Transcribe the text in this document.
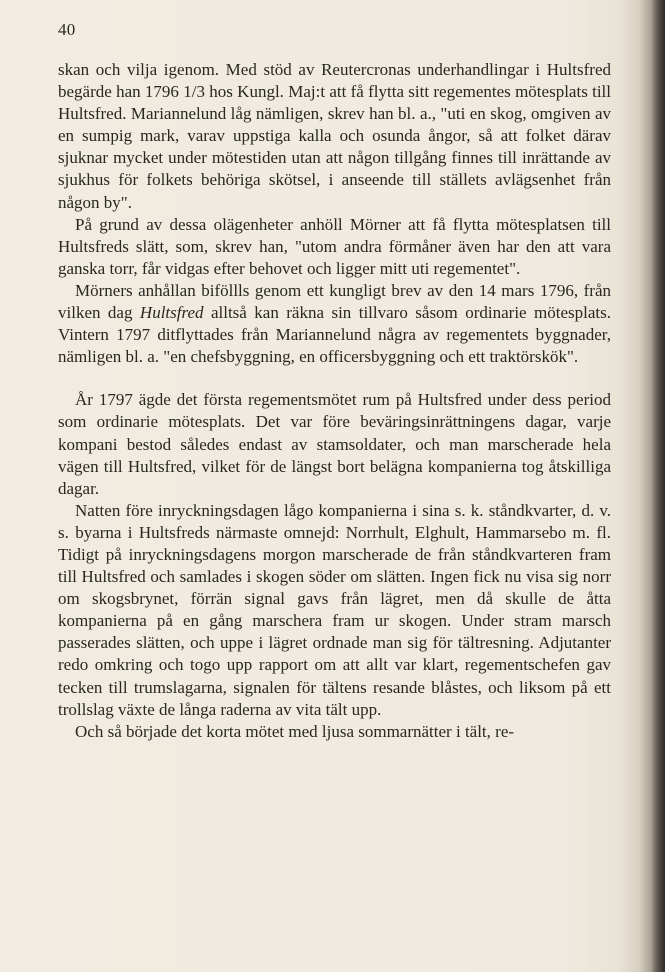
40

skan och vilja igenom. Med stöd av Reutercronas underhandlingar i Hultsfred begärde han 1796 1/3 hos Kungl. Maj:t att få flytta sitt regementes mötesplats till Hultsfred. Mariannelund låg nämligen, skrev han bl. a., "uti en skog, omgiven av en sumpig mark, varav uppstiga kalla och osunda ångor, så att folket därav sjuknar mycket under mötestiden utan att någon tillgång finnes till inrättande av sjukhus för folkets behöriga skötsel, i anseende till ställets avlägsenhet från någon by".

På grund av dessa olägenheter anhöll Mörner att få flytta mötesplatsen till Hultsfreds slätt, som, skrev han, "utom andra förmåner även har den att vara ganska torr, får vidgas efter behovet och ligger mitt uti regementet".

Mörners anhållan biföllls genom ett kungligt brev av den 14 mars 1796, från vilken dag Hultsfred alltså kan räkna sin tillvaro såsom ordinarie mötesplats. Vintern 1797 ditflyttades från Mariannelund några av regementets byggnader, nämligen bl. a. "en chefsbyggning, en officersbyggning och ett traktörskök".

År 1797 ägde det första regementsmötet rum på Hultsfred under dess period som ordinarie mötesplats. Det var före beväringsinrättningens dagar, varje kompani bestod således endast av stamsoldater, och man marscherade hela vägen till Hultsfred, vilket för de längst bort belägna kompanierna tog åtskilliga dagar.

Natten före inryckningsdagen lågo kompanierna i sina s. k. ståndkvarter, d. v. s. byarna i Hultsfreds närmaste omnejd: Norrhult, Elghult, Hammarsebo m. fl. Tidigt på inryckningsdagens morgon marscherade de från ståndkvarteren fram till Hultsfred och samlades i skogen söder om slätten. Ingen fick nu visa sig norr om skogsbrynet, förrän signal gavs från lägret, men då skulle de åtta kompanierna på en gång marschera fram ur skogen. Under stram marsch passerades slätten, och uppe i lägret ordnade man sig för tältresning. Adjutanter redo omkring och togo upp rapport om att allt var klart, regementschefen gav tecken till trumslagarna, signalen för tältens resande blåstes, och liksom på ett trollslag växte de långa raderna av vita tält upp.

Och så började det korta mötet med ljusa sommarnätter i tält, re-
